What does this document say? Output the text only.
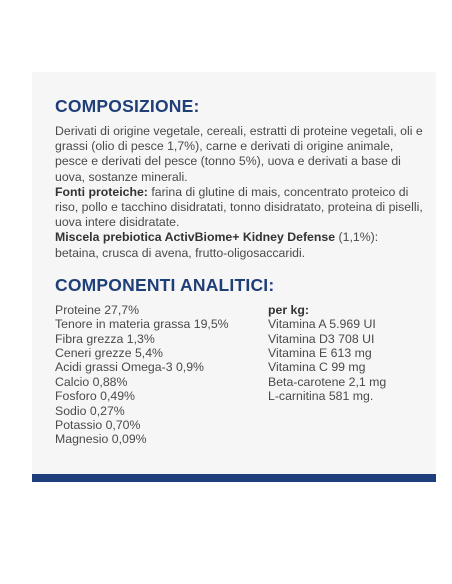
COMPOSIZIONE:

Derivati di origine vegetale, cereali, estratti di proteine vegetali, oli e grassi (olio di pesce 1,7%), carne e derivati di origine animale, pesce e derivati del pesce (tonno 5%), uova e derivati a base di uova, sostanze minerali.

Fonti proteiche: farina di glutine di mais, concentrato proteico di riso, pollo e tacchino disidratati, tonno disidratato, proteina di piselli, uova intere disidratate.

Miscela prebiotica ActivBiome+ Kidney Defense (1,1%): betaina, crusca di avena, frutto-oligosaccaridi.

COMPONENTI ANALITICI:
Proteine 27,7%
Tenore in materia grassa 19,5%
Fibra grezza 1,3%
Ceneri grezze 5,4%
Acidi grassi Omega-3 0,9%
Calcio 0,88%
Fosforo 0,49%
Sodio 0,27%
Potassio 0,70%
Magnesio 0,09%
per kg:
Vitamina A 5.969 UI
Vitamina D3 708 UI
Vitamina E 613 mg
Vitamina C 99 mg
Beta-carotene 2,1 mg
L-carnitina 581 mg.
